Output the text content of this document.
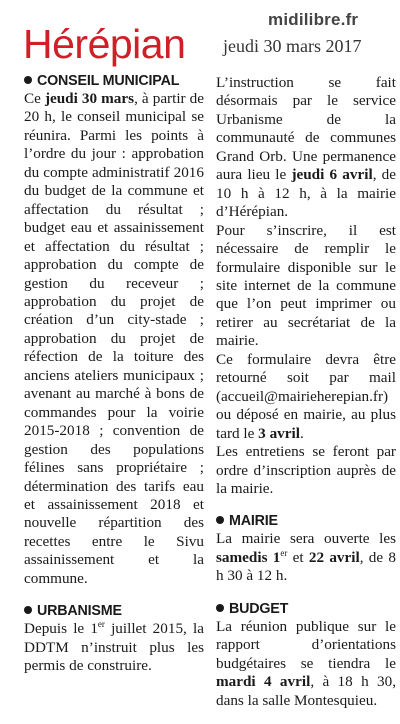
Hérépian
midilibre.fr
jeudi 30 mars 2017
CONSEIL MUNICIPAL
Ce jeudi 30 mars, à partir de 20 h, le conseil municipal se réunira. Parmi les points à l’ordre du jour : approbation du compte administratif 2016 du budget de la commune et affectation du résultat ; budget eau et assainissement et affectation du résultat ; approbation du compte de gestion du receveur ; approbation du projet de création d’un city-stade ; approbation du projet de réfection de la toiture des anciens ateliers municipaux ; avenant au marché à bons de commandes pour la voirie 2015-2018 ; convention de gestion des populations félines sans propriétaire ; détermination des tarifs eau et assainissement 2018 et nouvelle répartition des recettes entre le Sivu assainissement et la commune.
URBANISME
Depuis le 1er juillet 2015, la DDTM n’instruit plus les permis de construire.
L’instruction se fait désormais par le service Urbanisme de la communauté de communes Grand Orb. Une permanence aura lieu le jeudi 6 avril, de 10 h à 12 h, à la mairie d’Hérépian.
Pour s’inscrire, il est nécessaire de remplir le formulaire disponible sur le site internet de la commune que l’on peut imprimer ou retirer au secrétariat de la mairie.
Ce formulaire devra être retourné soit par mail (accueil@mairieherepian.fr) ou déposé en mairie, au plus tard le 3 avril.
Les entretiens se feront par ordre d’inscription auprès de la mairie.
MAIRIE
La mairie sera ouverte les samedis 1er et 22 avril, de 8 h 30 à 12 h.
BUDGET
La réunion publique sur le rapport d’orientations budgétaires se tiendra le mardi 4 avril, à 18 h 30, dans la salle Montesquieu.
